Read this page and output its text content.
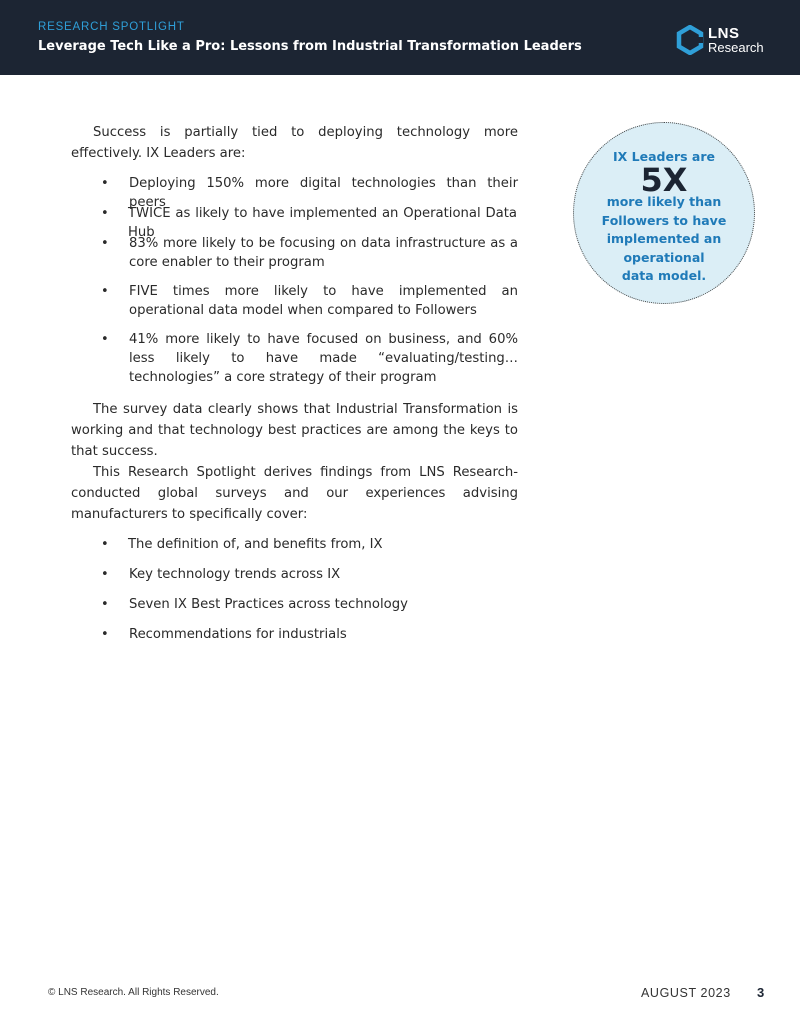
RESEARCH SPOTLIGHT
Leverage Tech Like a Pro: Lessons from Industrial Transformation Leaders
LNS
Research
Success is partially tied to deploying technology more effectively. IX Leaders are:
• Deploying 150% more digital technologies than their peers
• TWICE as likely to have implemented an Operational Data Hub
• 83% more likely to be focusing on data infrastructure as a core enabler to their program
• FIVE times more likely to have implemented an operational data model when compared to Followers
• 41% more likely to have focused on business, and 60% less likely to have made “evaluating/testing…technologies” a core strategy of their program
The survey data clearly shows that Industrial Transformation is working and that technology best practices are among the keys to that success.
This Research Spotlight derives findings from LNS Research-conducted global surveys and our experiences advising manufacturers to specifically cover:
• The definition of, and benefits from, IX
• Key technology trends across IX
• Seven IX Best Practices across technology
• Recommendations for industrials
IX Leaders are
5X
more likely than
Followers to have
implemented an
operational
data model.
© LNS Research. All Rights Reserved.	AUGUST 2023 3
